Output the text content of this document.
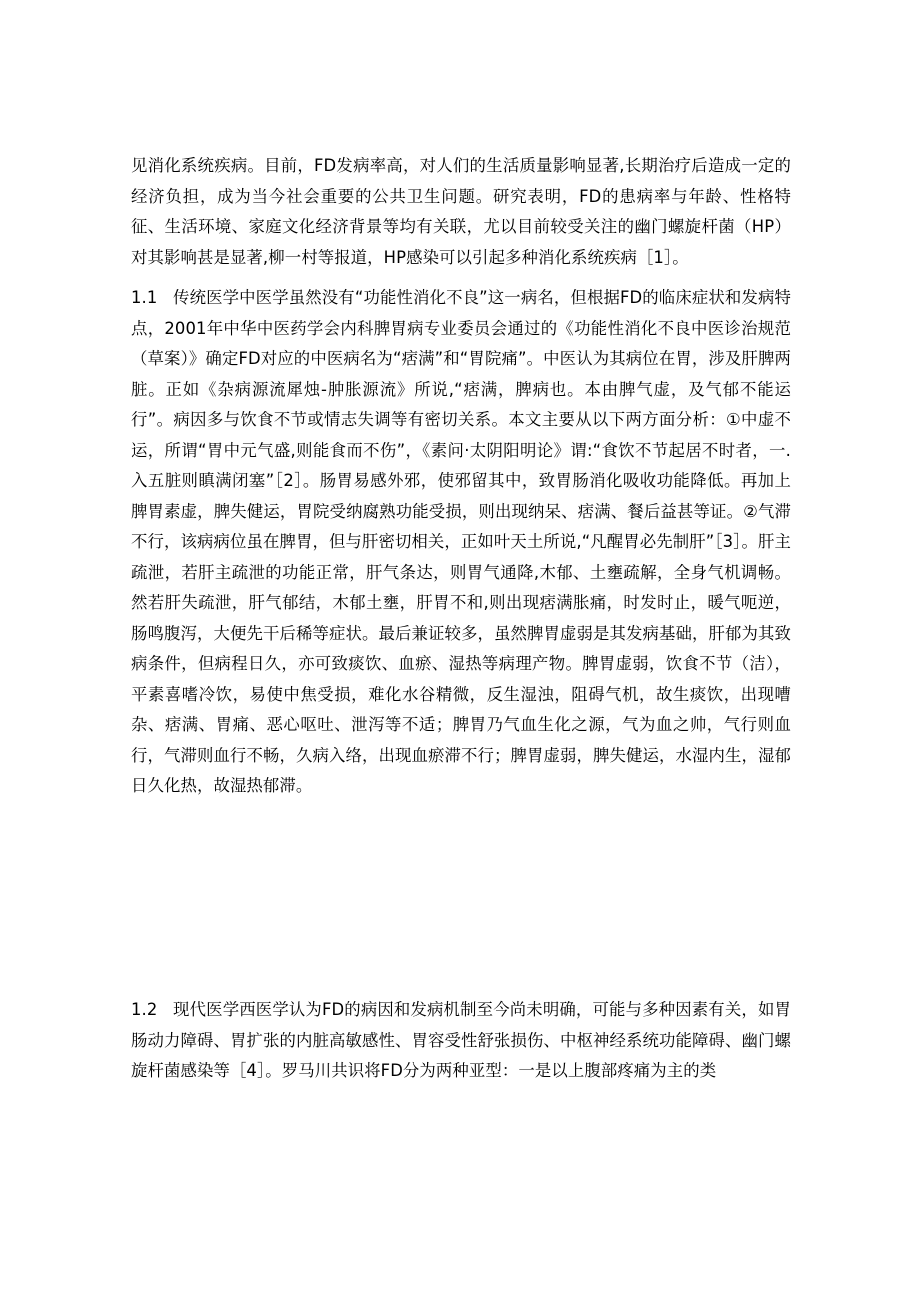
见消化系统疾病。目前，FD发病率高，对人们的生活质量影响显著,长期治疗后造成一定的经济负担，成为当今社会重要的公共卫生问题。研究表明，FD的患病率与年龄、性格特征、生活环境、家庭文化经济背景等均有关联，尤以目前较受关注的幽门螺旋杆菌（HP）对其影响甚是显著,柳一村等报道，HP感染可以引起多种消化系统疾病［1］。

1.1 传统医学中医学虽然没有“功能性消化不良”这一病名，但根据FD的临床症状和发病特点，2001年中华中医药学会内科脾胃病专业委员会通过的《功能性消化不良中医诊治规范（草案）》确定FD对应的中医病名为“痞满”和“胃院痛”。中医认为其病位在胃，涉及肝脾两脏。正如《杂病源流犀烛-肿胀源流》所说,“痞满，脾病也。本由脾气虚，及气郁不能运行”。病因多与饮食不节或情志失调等有密切关系。本文主要从以下两方面分析：①中虚不运，所谓“胃中元气盛,则能食而不伤”，《素问·太阴阳明论》谓:“食饮不节起居不时者，一.入五脏则瞋满闭塞”［2］。肠胃易感外邪，使邪留其中，致胃肠消化吸收功能降低。再加上脾胃素虚，脾失健运，胃院受纳腐熟功能受损，则出现纳呆、痞满、餐后益甚等证。②气滞不行，该病病位虽在脾胃，但与肝密切相关，正如叶天土所说,“凡醒胃必先制肝”［3］。肝主疏泄，若肝主疏泄的功能正常，肝气条达，则胃气通降,木郁、土壅疏解，全身气机调畅。然若肝失疏泄，肝气郁结，木郁土壅，肝胃不和,则出现痞满胀痛，时发时止，暖气呃逆，肠鸣腹泻，大便先干后稀等症状。最后兼证较多，虽然脾胃虚弱是其发病基础，肝郁为其致病条件，但病程日久，亦可致痰饮、血瘀、湿热等病理产物。脾胃虚弱，饮食不节（洁），平素喜嗜冷饮，易使中焦受损，难化水谷精微，反生湿浊，阻碍气机，故生痰饮，出现嘈杂、痞满、胃痛、恶心呕吐、泄泻等不适；脾胃乃气血生化之源，气为血之帅，气行则血行，气滞则血行不畅，久病入络，出现血瘀滞不行；脾胃虚弱，脾失健运，水湿内生，湿郁日久化热，故湿热郁滞。

1.2 现代医学西医学认为FD的病因和发病机制至今尚未明确，可能与多种因素有关，如胃肠动力障碍、胃扩张的内脏高敏感性、胃容受性舒张损伤、中枢神经系统功能障碍、幽门螺旋杆菌感染等［4］。罗马川共识将FD分为两种亚型：一是以上腹部疼痛为主的类
